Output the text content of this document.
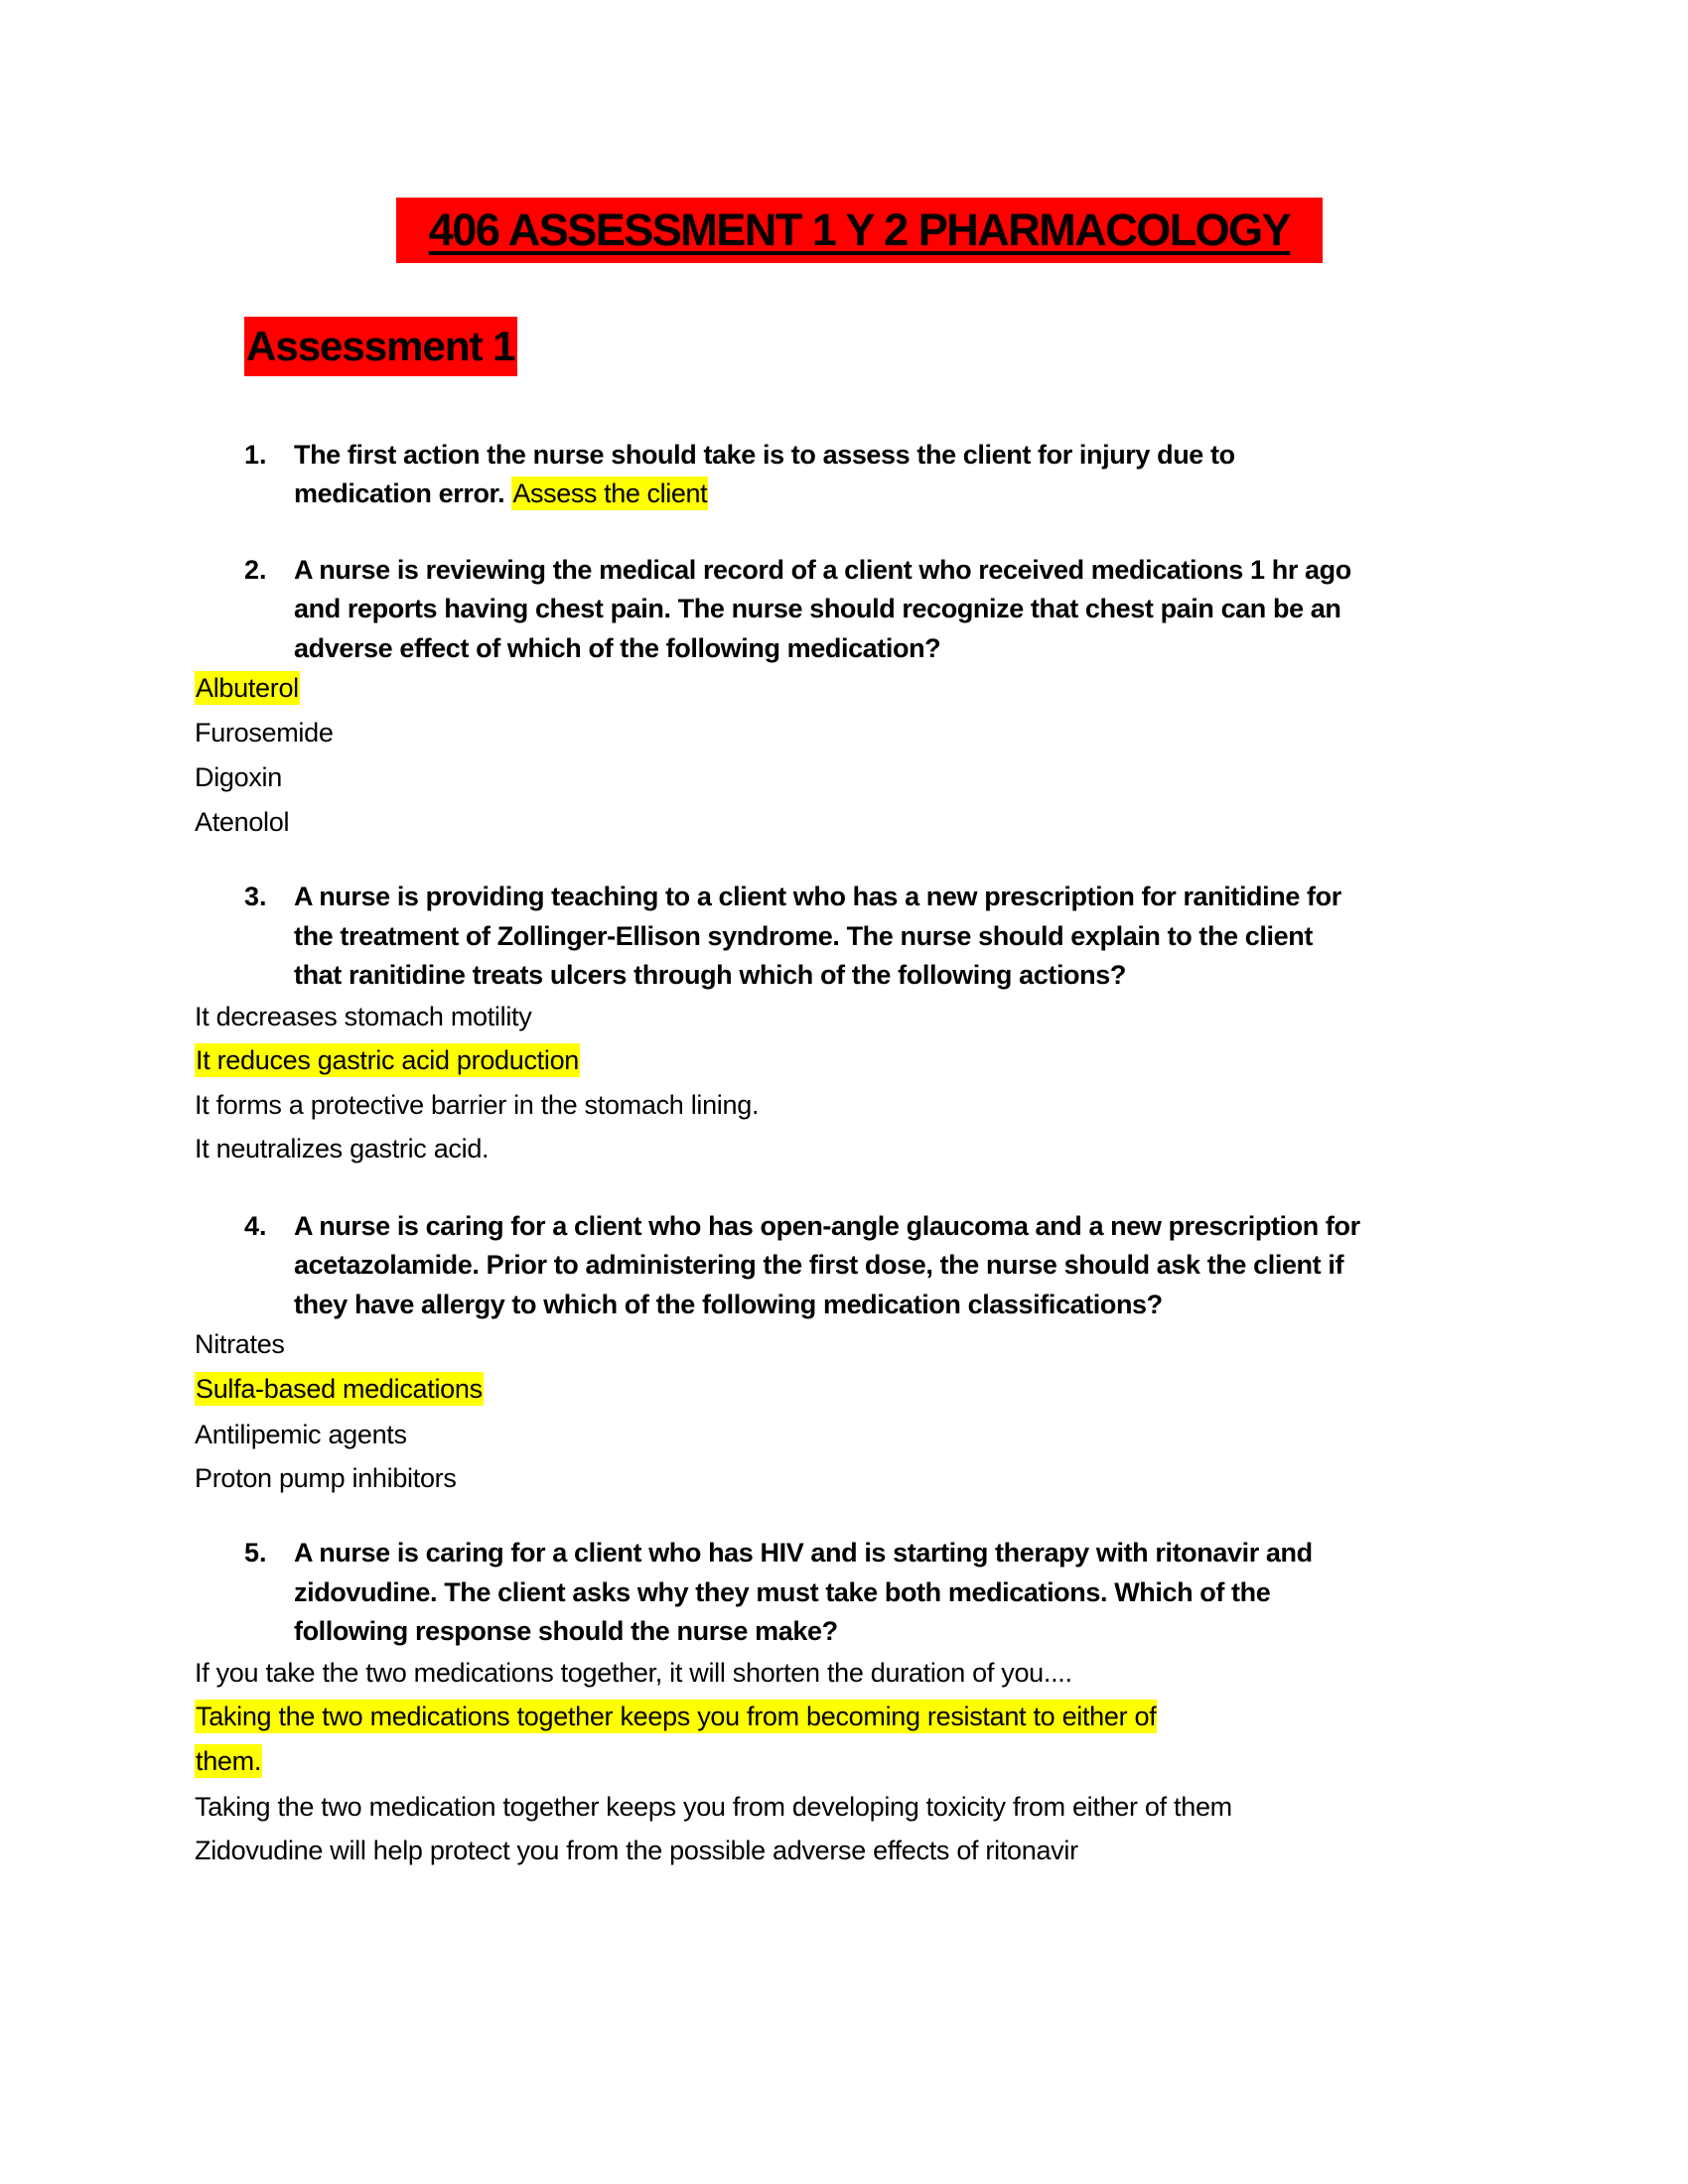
406 ASSESSMENT 1 Y 2 PHARMACOLOGY
Assessment 1
1. The first action the nurse should take is to assess the client for injury due to
medication error. Assess the client
2. A nurse is reviewing the medical record of a client who received medications 1 hr ago
and reports having chest pain. The nurse should recognize that chest pain can be an
adverse effect of which of the following medication?
Albuterol
Furosemide
Digoxin
Atenolol
3. A nurse is providing teaching to a client who has a new prescription for ranitidine for
the treatment of Zollinger-Ellison syndrome. The nurse should explain to the client
that ranitidine treats ulcers through which of the following actions?
It decreases stomach motility
It reduces gastric acid production
It forms a protective barrier in the stomach lining.
It neutralizes gastric acid.
4. A nurse is caring for a client who has open-angle glaucoma and a new prescription for
acetazolamide. Prior to administering the first dose, the nurse should ask the client if
they have allergy to which of the following medication classifications?
Nitrates
Sulfa-based medications
Antilipemic agents
Proton pump inhibitors
5. A nurse is caring for a client who has HIV and is starting therapy with ritonavir and
zidovudine. The client asks why they must take both medications. Which of the
following response should the nurse make?
If you take the two medications together, it will shorten the duration of you....
Taking the two medications together keeps you from becoming resistant to either of
them.
Taking the two medication together keeps you from developing toxicity from either of them
Zidovudine will help protect you from the possible adverse effects of ritonavir
